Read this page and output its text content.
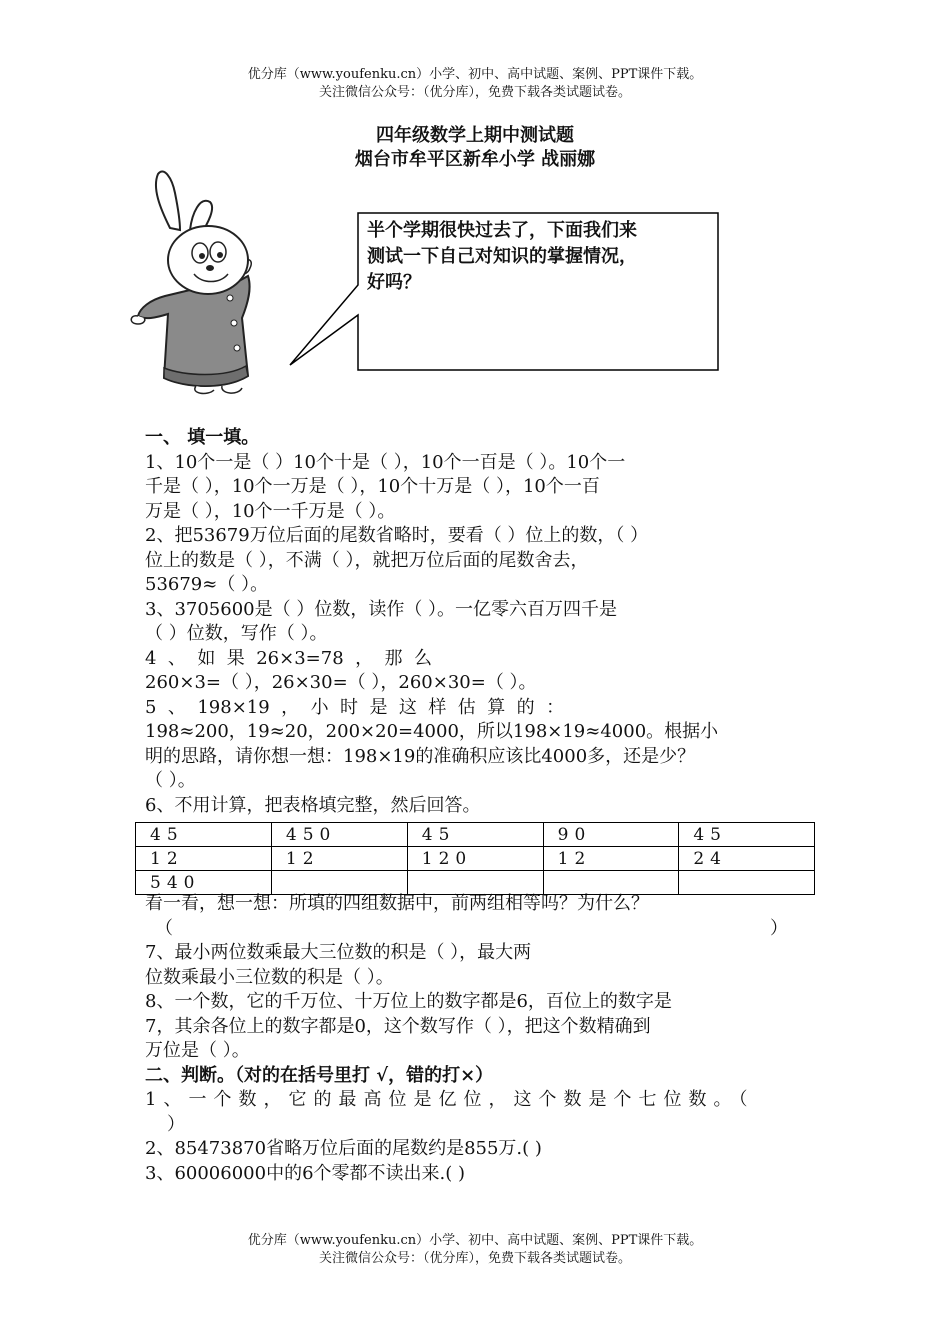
优分库（www.youfenku.cn）小学、初中、高中试题、案例、PPT课件下载。
关注微信公众号：（优分库），免费下载各类试题试卷。
四年级数学上期中测试题
烟台市牟平区新牟小学 战丽娜
半个学期很快过去了，下面我们来
测试一下自己对知识的掌握情况，
好吗？
一、 填一填。
1、10个一是（ ）10个十是（ ），10个一百是（ ）。10个一
千是（ ），10个一万是（ ），10个十万是（ ），10个一百
万是（ ），10个一千万是（ ）。
2、把53679万位后面的尾数省略时，要看（ ）位上的数，（ ）
位上的数是（ ），不满（ ），就把万位后面的尾数舍去，
53679≈（ ）。
3、3705600是（ ）位数，读作（ ）。一亿零六百万四千是
（ ）位数，写作（ ）。
4  、  如  果  26×3=78  ，  那  么
260×3=（ ），26×30=（ ），260×30=（ ）。
5  、  198×19  ，  小  时  是  这  样  估  算  的  ：
198≈200，19≈20，200×20=4000，所以198×19≈4000。根据小
明的思路，请你想一想：198×19的准确积应该比4000多，还是少？
（ ）。
6、不用计算，把表格填完整，然后回答。
看一看，想一想：所填的四组数据中，前两组相等吗？为什么？
（	）
7、最小两位数乘最大三位数的积是（ ），最大两
位数乘最小三位数的积是（ ）。
8、一个数，它的千万位、十万位上的数字都是6，百位上的数字是
7，其余各位上的数字都是0，这个数写作（ ），把这个数精确到
万位是（ ）。
二、判断。（对的在括号里打 √，错的打×）
1、一个数，它的最高位是亿位，这个数是个七位数。（
）
2、85473870省略万位后面的尾数约是855万.( )
3、60006000中的6个零都不读出来.( )
45	450	45	90	45
12	12	120	12	24
540				
优分库（www.youfenku.cn）小学、初中、高中试题、案例、PPT课件下载。
关注微信公众号：（优分库），免费下载各类试题试卷。
